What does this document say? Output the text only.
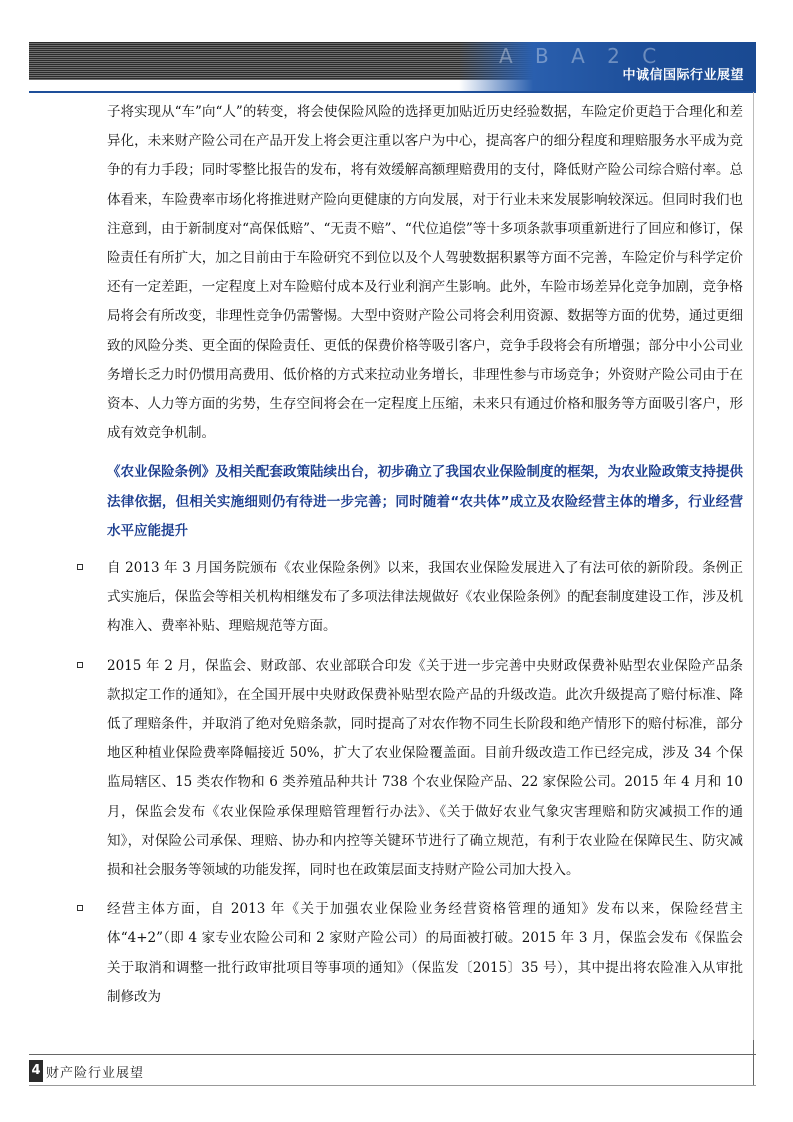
A B A 2 C
中诚信国际行业展望

子将实现从“车”向“人”的转变，将会使保险风险的选择更加贴近历史经验数据，车险定价更趋于合理化和差异化，未来财产险公司在产品开发上将会更注重以客户为中心，提高客户的细分程度和理赔服务水平成为竞争的有力手段；同时零整比报告的发布，将有效缓解高额理赔费用的支付，降低财产险公司综合赔付率。总体看来，车险费率市场化将推进财产险向更健康的方向发展，对于行业未来发展影响较深远。但同时我们也注意到，由于新制度对“高保低赔”、“无责不赔”、“代位追偿”等十多项条款事项重新进行了回应和修订，保险责任有所扩大，加之目前由于车险研究不到位以及个人驾驶数据积累等方面不完善，车险定价与科学定价还有一定差距，一定程度上对车险赔付成本及行业利润产生影响。此外，车险市场差异化竞争加剧，竞争格局将会有所改变，非理性竞争仍需警惕。大型中资财产险公司将会利用资源、数据等方面的优势，通过更细致的风险分类、更全面的保险责任、更低的保费价格等吸引客户，竞争手段将会有所增强；部分中小公司业务增长乏力时仍惯用高费用、低价格的方式来拉动业务增长，非理性参与市场竞争；外资财产险公司由于在资本、人力等方面的劣势，生存空间将会在一定程度上压缩，未来只有通过价格和服务等方面吸引客户，形成有效竞争机制。

《农业保险条例》及相关配套政策陆续出台，初步确立了我国农业保险制度的框架，为农业险政策支持提供法律依据，但相关实施细则仍有待进一步完善；同时随着“农共体”成立及农险经营主体的增多，行业经营水平应能提升

自 2013 年 3 月国务院颁布《农业保险条例》以来，我国农业保险发展进入了有法可依的新阶段。条例正式实施后，保监会等相关机构相继发布了多项法律法规做好《农业保险条例》的配套制度建设工作，涉及机构准入、费率补贴、理赔规范等方面。

2015 年 2 月，保监会、财政部、农业部联合印发《关于进一步完善中央财政保费补贴型农业保险产品条款拟定工作的通知》，在全国开展中央财政保费补贴型农险产品的升级改造。此次升级提高了赔付标准、降低了理赔条件，并取消了绝对免赔条款，同时提高了对农作物不同生长阶段和绝产情形下的赔付标准，部分地区种植业保险费率降幅接近 50%，扩大了农业保险覆盖面。目前升级改造工作已经完成，涉及 34 个保监局辖区、15 类农作物和 6 类养殖品种共计 738 个农业保险产品、22 家保险公司。2015 年 4 月和 10 月，保监会发布《农业保险承保理赔管理暂行办法》、《关于做好农业气象灾害理赔和防灾减损工作的通知》，对保险公司承保、理赔、协办和内控等关键环节进行了确立规范，有利于农业险在保障民生、防灾减损和社会服务等领域的功能发挥，同时也在政策层面支持财产险公司加大投入。

经营主体方面，自 2013 年《关于加强农业保险业务经营资格管理的通知》发布以来，保险经营主体“4+2”（即 4 家专业农险公司和 2 家财产险公司）的局面被打破。2015 年 3 月，保监会发布《保监会关于取消和调整一批行政审批项目等事项的通知》（保监发〔2015〕35 号），其中提出将农险准入从审批制修改为

4 财产险行业展望
